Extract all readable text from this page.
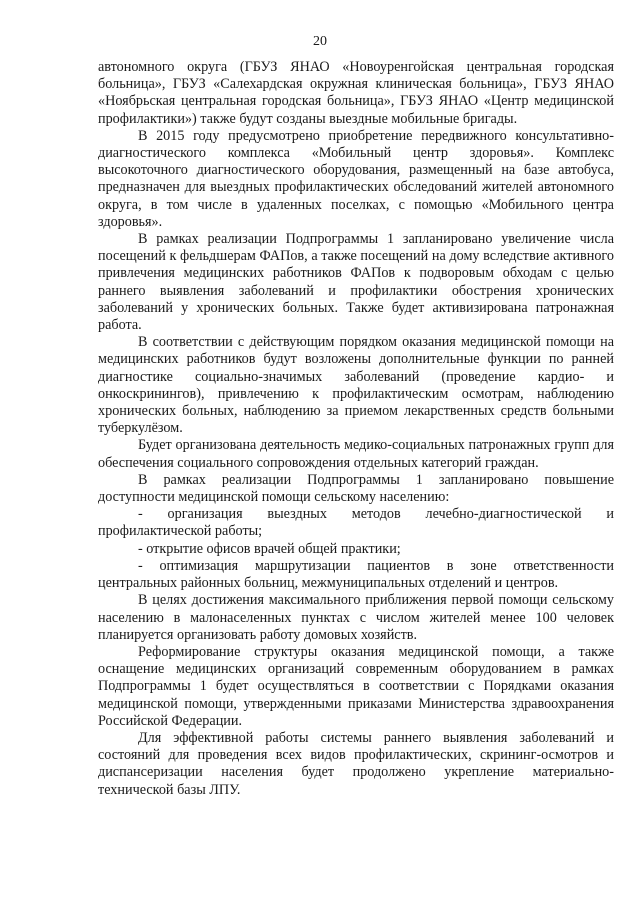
20

автономного округа (ГБУЗ ЯНАО «Новоуренгойская центральная городская больница», ГБУЗ «Салехардская окружная клиническая больница», ГБУЗ ЯНАО «Ноябрьская центральная городская больница», ГБУЗ ЯНАО «Центр медицинской профилактики») также будут созданы выездные мобильные бригады.

В 2015 году предусмотрено приобретение передвижного консультативно-диагностического комплекса «Мобильный центр здоровья». Комплекс высокоточного диагностического оборудования, размещенный на базе автобуса, предназначен для выездных профилактических обследований жителей автономного округа, в том числе в удаленных поселках, с помощью «Мобильного центра здоровья».

В рамках реализации Подпрограммы 1 запланировано увеличение числа посещений к фельдшерам ФАПов, а также посещений на дому вследствие активного привлечения медицинских работников ФАПов к подворовым обходам с целью раннего выявления заболеваний и профилактики обострения хронических заболеваний у хронических больных. Также будет активизирована патронажная работа.

В соответствии с действующим порядком оказания медицинской помощи на медицинских работников будут возложены дополнительные функции по ранней диагностике социально-значимых заболеваний (проведение кардио- и онкоскринингов), привлечению к профилактическим осмотрам, наблюдению хронических больных, наблюдению за приемом лекарственных средств больными туберкулёзом.

Будет организована деятельность медико-социальных патронажных групп для обеспечения социального сопровождения отдельных категорий граждан.

В рамках реализации Подпрограммы 1 запланировано повышение доступности медицинской помощи сельскому населению:

- организация выездных методов лечебно-диагностической и профилактической работы;

- открытие офисов врачей общей практики;

- оптимизация маршрутизации пациентов в зоне ответственности центральных районных больниц, межмуниципальных отделений и центров.

В целях достижения максимального приближения первой помощи сельскому населению в малонаселенных пунктах с числом жителей менее 100 человек планируется организовать работу домовых хозяйств.

Реформирование структуры оказания медицинской помощи, а также оснащение медицинских организаций современным оборудованием в рамках Подпрограммы 1 будет осуществляться в соответствии с Порядками оказания медицинской помощи, утвержденными приказами Министерства здравоохранения Российской Федерации.

Для эффективной работы системы раннего выявления заболеваний и состояний для проведения всех видов профилактических, скрининг-осмотров и диспансеризации населения будет продолжено укрепление материально-технической базы ЛПУ.
